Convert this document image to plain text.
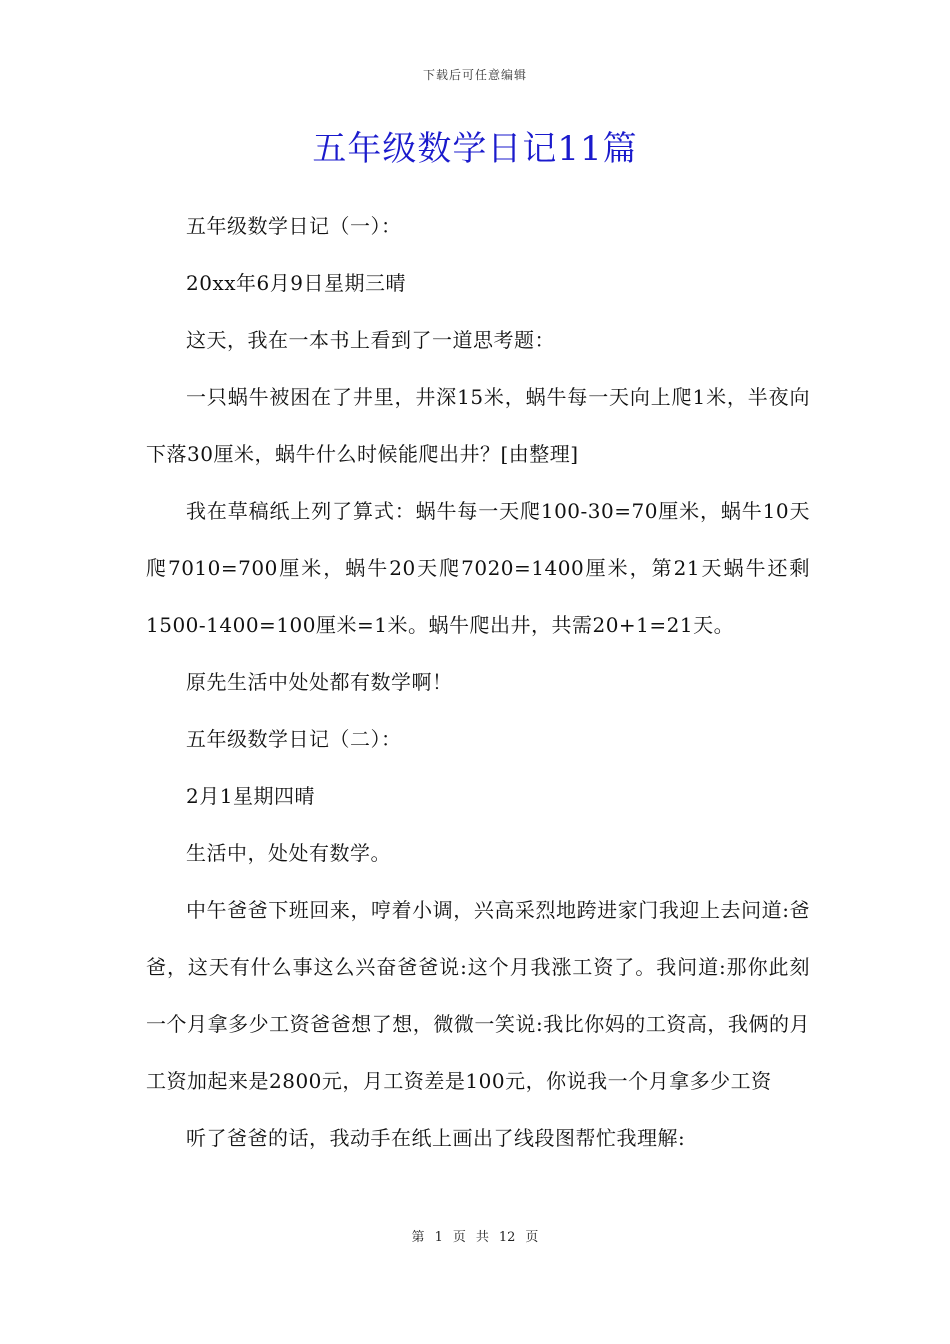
下载后可任意编辑
五年级数学日记11篇

五年级数学日记（一）：

20xx年6月9日星期三晴

这天，我在一本书上看到了一道思考题：

一只蜗牛被困在了井里，井深15米，蜗牛每一天向上爬1米，半夜向下落30厘米，蜗牛什么时候能爬出井？[由整理]

我在草稿纸上列了算式：蜗牛每一天爬100-30=70厘米，蜗牛10天爬7010=700厘米，蜗牛20天爬7020=1400厘米，第21天蜗牛还剩1500-1400=100厘米=1米。蜗牛爬出井，共需20+1=21天。

原先生活中处处都有数学啊！

五年级数学日记（二）：

2月1星期四晴

生活中，处处有数学。

中午爸爸下班回来，哼着小调，兴高采烈地跨进家门我迎上去问道:爸爸，这天有什么事这么兴奋爸爸说:这个月我涨工资了。我问道:那你此刻一个月拿多少工资爸爸想了想，微微一笑说:我比你妈的工资高，我俩的月工资加起来是2800元，月工资差是100元，你说我一个月拿多少工资

听了爸爸的话，我动手在纸上画出了线段图帮忙我理解:

第 1 页 共 12 页
